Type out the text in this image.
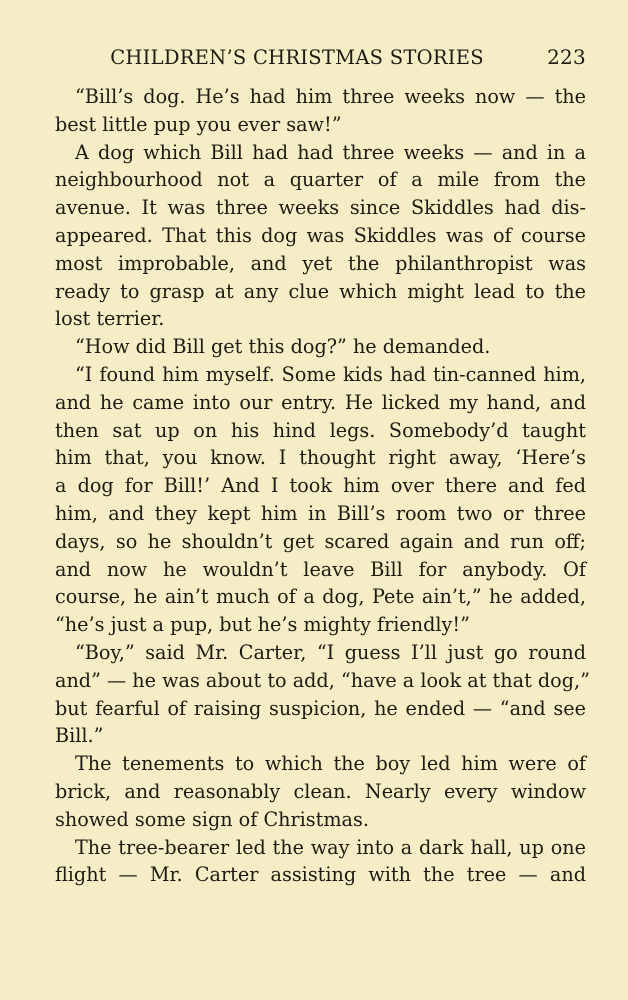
CHILDREN’S CHRISTMAS STORIES	223
“Bill’s dog. He’s had him three weeks now — the
best little pup you ever saw!”
A dog which Bill had had three weeks — and in a
neighbourhood not a quarter of a mile from the
avenue. It was three weeks since Skiddles had dis-
appeared. That this dog was Skiddles was of course
most improbable, and yet the philanthropist was
ready to grasp at any clue which might lead to the
lost terrier.
“How did Bill get this dog?” he demanded.
“I found him myself. Some kids had tin-canned him,
and he came into our entry. He licked my hand, and
then sat up on his hind legs. Somebody’d taught
him that, you know. I thought right away, ‘Here’s
a dog for Bill!’ And I took him over there and fed
him, and they kept him in Bill’s room two or three
days, so he shouldn’t get scared again and run off;
and now he wouldn’t leave Bill for anybody. Of
course, he ain’t much of a dog, Pete ain’t,” he added,
“he’s just a pup, but he’s mighty friendly!”
“Boy,” said Mr. Carter, “I guess I’ll just go round
and” — he was about to add, “have a look at that dog,”
but fearful of raising suspicion, he ended — “and see
Bill.”
The tenements to which the boy led him were of
brick, and reasonably clean. Nearly every window
showed some sign of Christmas.
The tree-bearer led the way into a dark hall, up one
flight — Mr. Carter assisting with the tree — and
